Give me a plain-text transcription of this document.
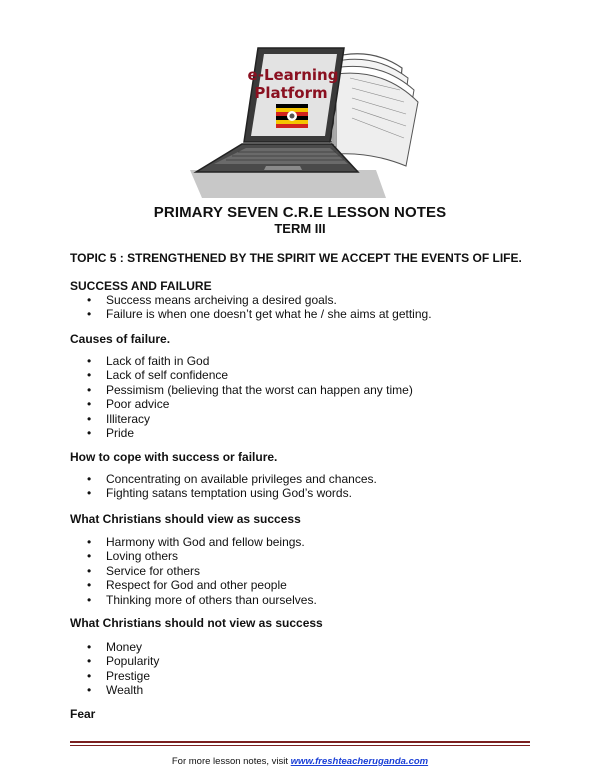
e-Learning
Platform
PRIMARY SEVEN C.R.E LESSON NOTES
TERM III
TOPIC 5 : STRENGTHENED BY THE SPIRIT WE ACCEPT THE EVENTS OF LIFE.
SUCCESS AND FAILURE
• Success means archeiving a desired goals.
• Failure is when one doesn’t get what he / she aims at getting.
Causes of failure.
• Lack of faith in God
• Lack of self confidence
• Pessimism (believing that the worst can happen any time)
• Poor advice
• Illiteracy
• Pride
How to cope with success or failure.
• Concentrating on available privileges and chances.
• Fighting satans temptation using God’s words.
What Christians should view as success
• Harmony with God and fellow beings.
• Loving others
• Service for others
• Respect for God and other people
• Thinking more of others than ourselves.
What Christians should not view as success
• Money
• Popularity
• Prestige
• Wealth
Fear
For more lesson notes, visit www.freshteacheruganda.com
